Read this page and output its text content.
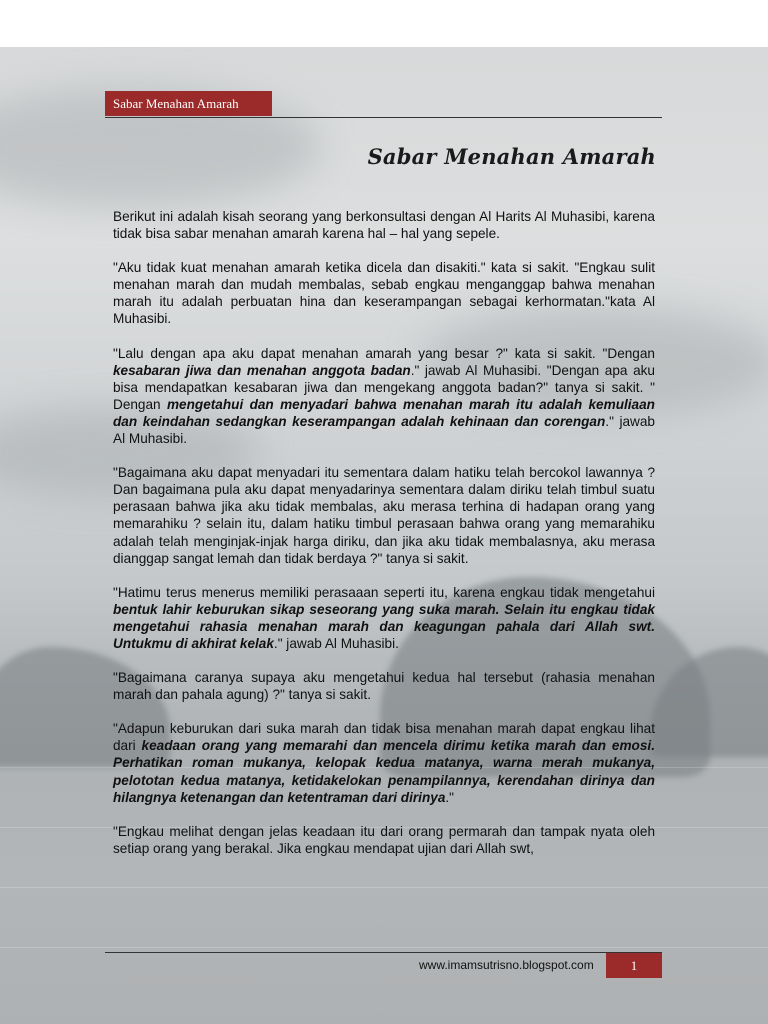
Sabar Menahan Amarah
Sabar Menahan Amarah

Berikut ini adalah kisah seorang yang berkonsultasi dengan Al Harits Al Muhasibi, karena tidak bisa sabar menahan amarah karena hal – hal yang sepele.

"Aku tidak kuat menahan amarah ketika dicela dan disakiti." kata si sakit. "Engkau sulit menahan marah dan mudah membalas, sebab engkau menganggap bahwa menahan marah itu adalah perbuatan hina dan keserampangan sebagai kerhormatan."kata Al Muhasibi.

"Lalu dengan apa aku dapat menahan amarah yang besar ?" kata si sakit. "Dengan kesabaran jiwa dan menahan anggota badan." jawab Al Muhasibi. "Dengan apa aku bisa mendapatkan kesabaran jiwa dan mengekang anggota badan?" tanya si sakit. " Dengan mengetahui dan menyadari bahwa menahan marah itu adalah kemuliaan dan keindahan sedangkan keserampangan adalah kehinaan dan corengan." jawab Al Muhasibi.

"Bagaimana aku dapat menyadari itu sementara dalam hatiku telah bercokol lawannya ? Dan bagaimana pula aku dapat menyadarinya sementara dalam diriku telah timbul suatu perasaan bahwa jika aku tidak membalas, aku merasa terhina di hadapan orang yang memarahiku ? selain itu, dalam hatiku timbul perasaan bahwa orang yang memarahiku adalah telah menginjak-injak harga diriku, dan jika aku tidak membalasnya, aku merasa dianggap sangat lemah dan tidak berdaya ?" tanya si sakit.

"Hatimu terus menerus memiliki perasaaan seperti itu, karena engkau tidak mengetahui bentuk lahir keburukan sikap seseorang yang suka marah. Selain itu engkau tidak mengetahui rahasia menahan marah dan keagungan pahala dari Allah swt. Untukmu di akhirat kelak." jawab Al Muhasibi.

"Bagaimana caranya supaya aku mengetahui kedua hal tersebut (rahasia menahan marah dan pahala agung) ?" tanya si sakit.

"Adapun keburukan dari suka marah dan tidak bisa menahan marah dapat engkau lihat dari keadaan orang yang memarahi dan mencela dirimu ketika marah dan emosi. Perhatikan roman mukanya, kelopak kedua matanya, warna merah mukanya, pelototan kedua matanya, ketidakelokan penampilannya, kerendahan dirinya dan hilangnya ketenangan dan ketentraman dari dirinya."

"Engkau melihat dengan jelas keadaan itu dari orang permarah dan tampak nyata oleh setiap orang yang berakal. Jika engkau mendapat ujian dari Allah swt,

www.imamsutrisno.blogspot.com	1
